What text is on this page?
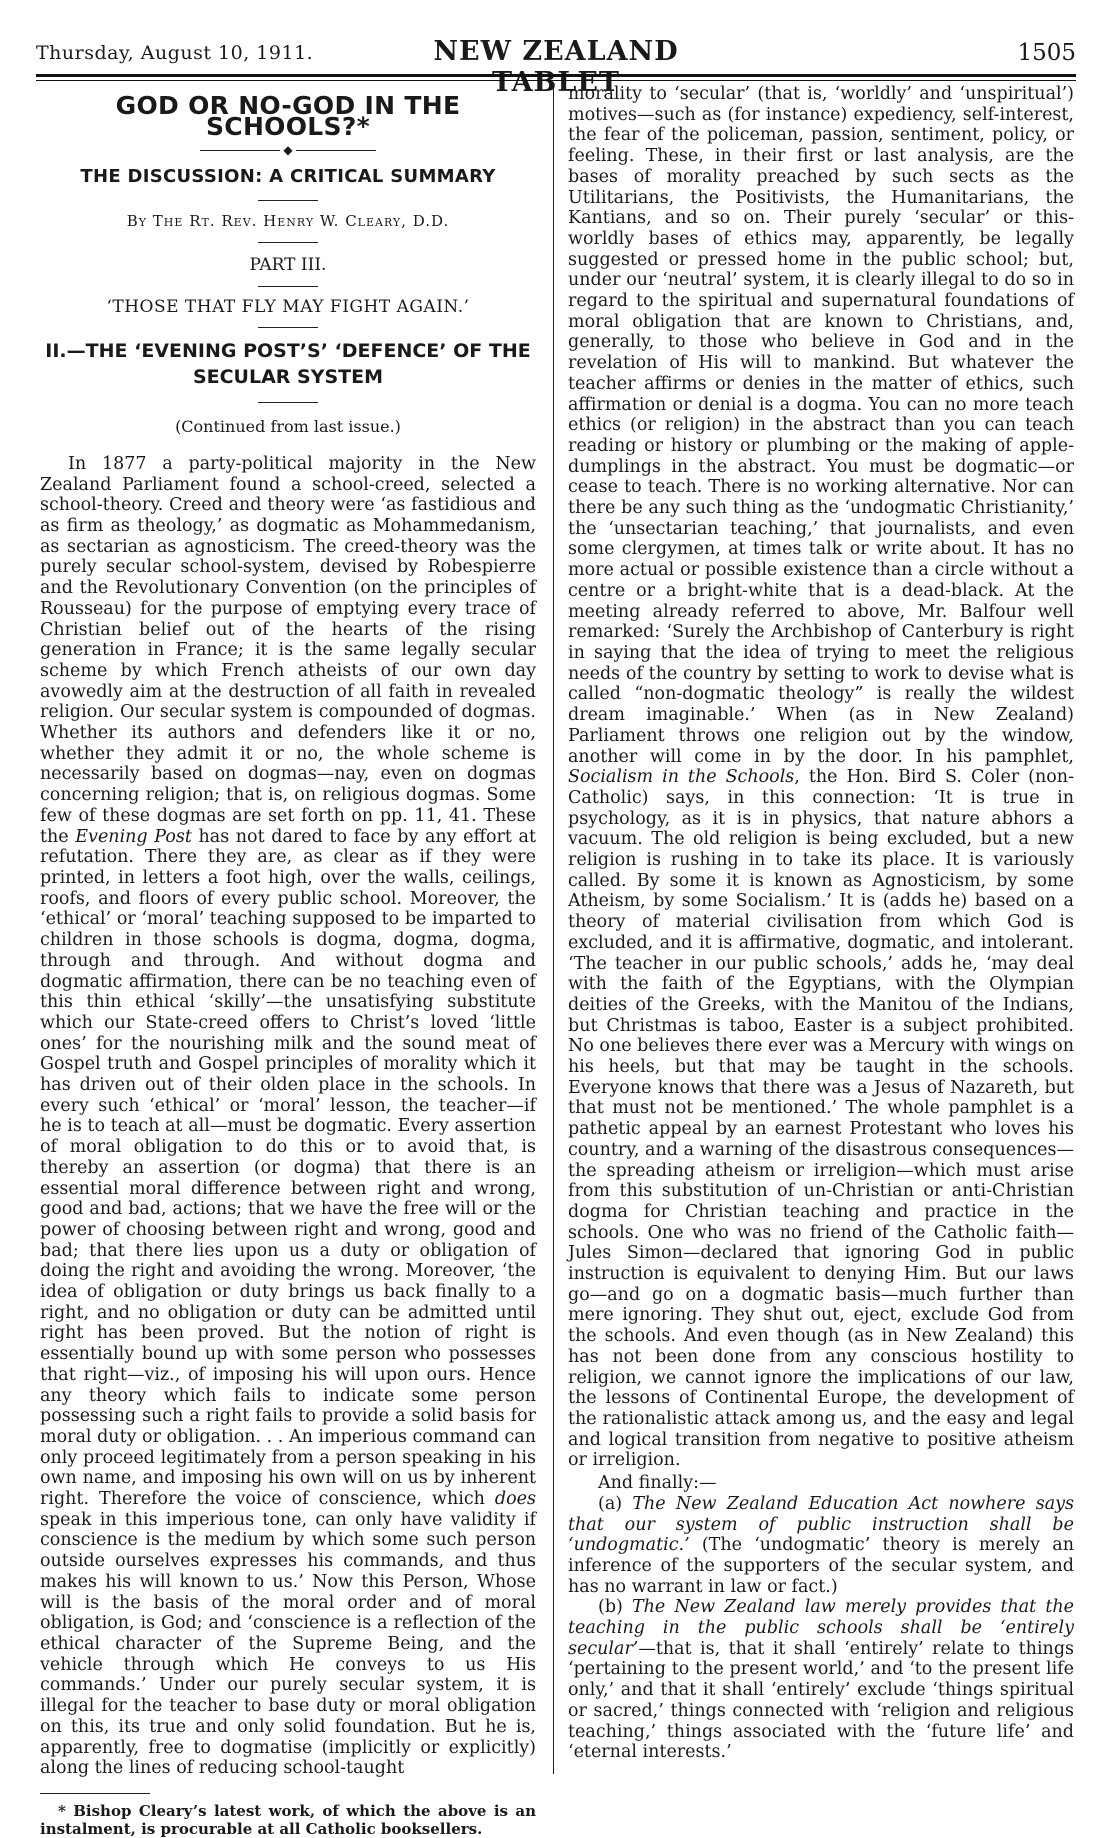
Thursday, August 10, 1911.	NEW ZEALAND TABLET
1505
GOD OR NO-GOD IN THE SCHOOLS?*
◆
THE DISCUSSION: A CRITICAL SUMMARY
By The Rt. Rev. Henry W. Cleary, D.D.
PART III.
‘THOSE THAT FLY MAY FIGHT AGAIN.’
II.—THE ‘EVENING POST’S’ ‘DEFENCE’ OF THE SECULAR SYSTEM
(Continued from last issue.)

In 1877 a party-political majority in the New Zealand Parliament found a school-creed, selected a school-theory. Creed and theory were ‘as fastidious and as firm as theology,’ as dogmatic as Mohammedanism, as sectarian as agnosticism. The creed-theory was the purely secular school-system, devised by Robespierre and the Revolutionary Convention (on the principles of Rousseau) for the purpose of emptying every trace of Christian belief out of the hearts of the rising generation in France; it is the same legally secular scheme by which French atheists of our own day avowedly aim at the destruction of all faith in revealed religion. Our secular system is compounded of dogmas. Whether its authors and defenders like it or no, whether they admit it or no, the whole scheme is necessarily based on dogmas—nay, even on dogmas concerning religion; that is, on religious dogmas. Some few of these dogmas are set forth on pp. 11, 41. These the Evening Post has not dared to face by any effort at refutation. There they are, as clear as if they were printed, in letters a foot high, over the walls, ceilings, roofs, and floors of every public school. Moreover, the ‘ethical’ or ‘moral’ teaching supposed to be imparted to children in those schools is dogma, dogma, dogma, through and through. And without dogma and dogmatic affirmation, there can be no teaching even of this thin ethical ‘skilly’—the unsatisfying substitute which our State-creed offers to Christ’s loved ‘little ones’ for the nourishing milk and the sound meat of Gospel truth and Gospel principles of morality which it has driven out of their olden place in the schools. In every such ‘ethical’ or ‘moral’ lesson, the teacher—if he is to teach at all—must be dogmatic. Every assertion of moral obligation to do this or to avoid that, is thereby an assertion (or dogma) that there is an essential moral difference between right and wrong, good and bad, actions; that we have the free will or the power of choosing between right and wrong, good and bad; that there lies upon us a duty or obligation of doing the right and avoiding the wrong. Moreover, ‘the idea of obligation or duty brings us back finally to a right, and no obligation or duty can be admitted until right has been proved. But the notion of right is essentially bound up with some person who possesses that right—viz., of imposing his will upon ours. Hence any theory which fails to indicate some person possessing such a right fails to provide a solid basis for moral duty or obligation. . . An imperious command can only proceed legitimately from a person speaking in his own name, and imposing his own will on us by inherent right. Therefore the voice of conscience, which does speak in this imperious tone, can only have validity if conscience is the medium by which some such person outside ourselves expresses his commands, and thus makes his will known to us.’ Now this Person, Whose will is the basis of the moral order and of moral obligation, is God; and ‘conscience is a reflection of the ethical character of the Supreme Being, and the vehicle through which He conveys to us His commands.’ Under our purely secular system, it is illegal for the teacher to base duty or moral obligation on this, its true and only solid foundation. But he is, apparently, free to dogmatise (implicitly or explicitly) along the lines of reducing school-taught

* Bishop Cleary’s latest work, of which the above is an instalment, is procurable at all Catholic booksellers.

morality to ‘secular’ (that is, ‘worldly’ and ‘unspiritual’) motives—such as (for instance) expediency, self-interest, the fear of the policeman, passion, sentiment, policy, or feeling. These, in their first or last analysis, are the bases of morality preached by such sects as the Utilitarians, the Positivists, the Humanitarians, the Kantians, and so on. Their purely ‘secular’ or this-worldly bases of ethics may, apparently, be legally suggested or pressed home in the public school; but, under our ‘neutral’ system, it is clearly illegal to do so in regard to the spiritual and supernatural foundations of moral obligation that are known to Christians, and, generally, to those who believe in God and in the revelation of His will to mankind. But whatever the teacher affirms or denies in the matter of ethics, such affirmation or denial is a dogma. You can no more teach ethics (or religion) in the abstract than you can teach reading or history or plumbing or the making of apple-dumplings in the abstract. You must be dogmatic—or cease to teach. There is no working alternative. Nor can there be any such thing as the ‘undogmatic Christianity,’ the ‘unsectarian teaching,’ that journalists, and even some clergymen, at times talk or write about. It has no more actual or possible existence than a circle without a centre or a bright-white that is a dead-black. At the meeting already referred to above, Mr. Balfour well remarked: ‘Surely the Archbishop of Canterbury is right in saying that the idea of trying to meet the religious needs of the country by setting to work to devise what is called “non-dogmatic theology” is really the wildest dream imaginable.’ When (as in New Zealand) Parliament throws one religion out by the window, another will come in by the door. In his pamphlet, Socialism in the Schools, the Hon. Bird S. Coler (non-Catholic) says, in this connection: ‘It is true in psychology, as it is in physics, that nature abhors a vacuum. The old religion is being excluded, but a new religion is rushing in to take its place. It is variously called. By some it is known as Agnosticism, by some Atheism, by some Socialism.’ It is (adds he) based on a theory of material civilisation from which God is excluded, and it is affirmative, dogmatic, and intolerant. ‘The teacher in our public schools,’ adds he, ‘may deal with the faith of the Egyptians, with the Olympian deities of the Greeks, with the Manitou of the Indians, but Christmas is taboo, Easter is a subject prohibited. No one believes there ever was a Mercury with wings on his heels, but that may be taught in the schools. Everyone knows that there was a Jesus of Nazareth, but that must not be mentioned.’ The whole pamphlet is a pathetic appeal by an earnest Protestant who loves his country, and a warning of the disastrous consequences—the spreading atheism or irreligion—which must arise from this substitution of un-Christian or anti-Christian dogma for Christian teaching and practice in the schools. One who was no friend of the Catholic faith—Jules Simon—declared that ignoring God in public instruction is equivalent to denying Him. But our laws go—and go on a dogmatic basis—much further than mere ignoring. They shut out, eject, exclude God from the schools. And even though (as in New Zealand) this has not been done from any conscious hostility to religion, we cannot ignore the implications of our law, the lessons of Continental Europe, the development of the rationalistic attack among us, and the easy and legal and logical transition from negative to positive atheism or irreligion.

And finally:—

(a) The New Zealand Education Act nowhere says that our system of public instruction shall be ‘undogmatic.’ (The ‘undogmatic’ theory is merely an inference of the supporters of the secular system, and has no warrant in law or fact.)

(b) The New Zealand law merely provides that the teaching in the public schools shall be ‘entirely secular’—that is, that it shall ‘entirely’ relate to things ‘pertaining to the present world,’ and ‘to the present life only,’ and that it shall ‘entirely’ exclude ‘things spiritual or sacred,’ things connected with ‘religion and religious teaching,’ things associated with the ‘future life’ and ‘eternal interests.’
